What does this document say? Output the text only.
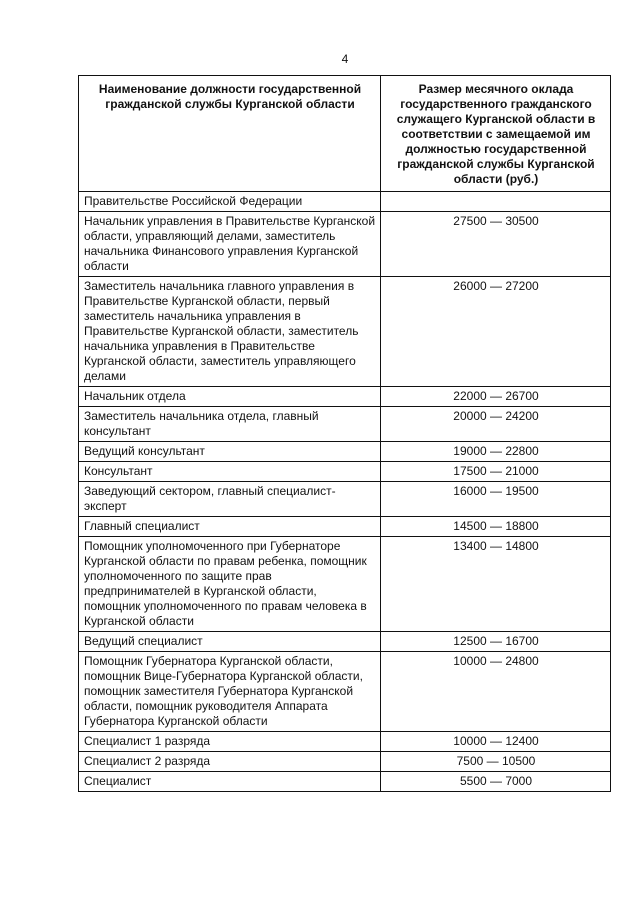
4
Наименование должности государственной гражданской службы Курганской области	Размер месячного оклада государственного гражданского служащего Курганской области в соответствии с замещаемой им должностью государственной гражданской службы Курганской области (руб.)
Правительстве Российской Федерации	
Начальник управления в Правительстве Курганской области, управляющий делами, заместитель начальника Финансового управления Курганской области	27500 — 30500
Заместитель начальника главного управления в Правительстве Курганской области, первый заместитель начальника управления в Правительстве Курганской области, заместитель начальника управления в Правительстве Курганской области, заместитель управляющего делами	26000 — 27200
Начальник отдела	22000 — 26700
Заместитель начальника отдела, главный консультант	20000 — 24200
Ведущий консультант	19000 — 22800
Консультант	17500 — 21000
Заведующий сектором, главный специалист-эксперт	16000 — 19500
Главный специалист	14500 — 18800
Помощник уполномоченного при Губернаторе Курганской области по правам ребенка, помощник уполномоченного по защите прав предпринимателей в Курганской области, помощник уполномоченного по правам человека в Курганской области	13400 — 14800
Ведущий специалист	12500 — 16700
Помощник Губернатора Курганской области, помощник Вице-Губернатора Курганской области, помощник заместителя Губернатора Курганской области, помощник руководителя Аппарата Губернатора Курганской области	10000 — 24800
Специалист 1 разряда	10000 — 12400
Специалист 2 разряда	7500 — 10500
Специалист	5500 — 7000
